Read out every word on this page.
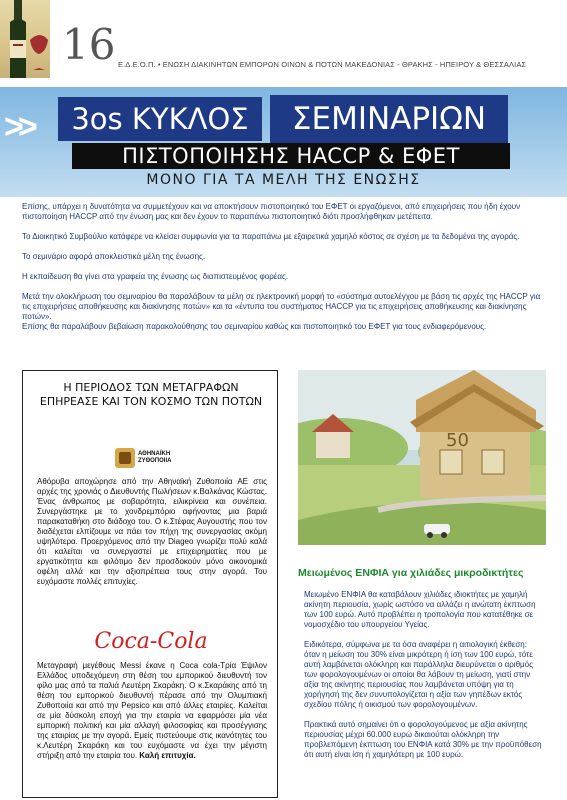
16 Ε.Δ.Ε.Ο.Π. • ΕΝΩΣΗ ΔΙΑΚΙΝΗΤΩΝ ΕΜΠΟΡΩΝ ΟΙΝΩΝ & ΠΟΤΩΝ ΜΑΚΕΔΟΝΙΑΣ - ΘΡΑΚΗΣ - ΗΠΕΙΡΟΥ & ΘΕΣΣΑΛΙΑΣ
>>	3οs ΚΥΚΛΟΣ	ΣΕΜΙΝΑΡΙΩΝ
ΠΙΣΤΟΠΟΙΗΣΗΣ HACCP & ΕΦΕΤ
ΜΟΝΟ ΓΙΑ ΤΑ ΜΕΛΗ ΤΗΣ ΕΝΩΣΗΣ

Επίσης, υπάρχει η δυνατότητα να συμμετέχουν και να αποκτήσουν πιστοποιητικό του ΕΦΕΤ οι εργαζόμενοι, από επιχειρήσεις που ήδη έχουν πιστοποίηση HACCP από την ένωση μας και δεν έχουν το παραπάνω πιστοποιητικό διότι προσλήφθηκαν μετέπειτα.

Το Διοικητικό Συμβούλιο κατάφερε να κλείσει συμφωνία για τα παραπάνω με εξαιρετικά χαμηλό κόστος σε σχέση με τα δεδομένα της αγοράς.

Το σεμινάριο αφορά αποκλειστικά μέλη της ένωσης.

Η εκπαίδευση θα γίνει στα γραφεία της ένωσης ως διαπιστευμένος φορέας.

Μετά την ολοκλήρωση του σεμιναρίου θα παραλάβουν τα μέλη σε ηλεκτρονική μορφή το «σύστημα αυτοελέγχου με βάση τις αρχές της HACCP για τις επιχειρήσεις αποθήκευσης και διακίνησης ποτών» και τα «έντυπα του συστήματος HACCP για τις επιχειρήσεις αποθήκευσης και διακίνησης ποτών».

Επίσης θα παραλάβουν βεβαίωση παρακολούθησης του σεμιναρίου καθώς και πιστοποιητικό του ΕΦΕΤ για τους ενδιαφερόμενους.

Η ΠΕΡΙΟΔΟΣ ΤΩΝ ΜΕΤΑΓΡΑΦΩΝ
ΕΠΗΡΕΑΣΕ ΚΑΙ ΤΟΝ ΚΟΣΜΟ ΤΩΝ ΠΟΤΩΝ
ΑΘΗΝΑΪΚΗ
ΖΥΘΟΠΟΙΙΑ
Αθόρυβα αποχώρησε από την Αθηναϊκή Ζυθοποιία ΑΕ στις αρχές της χρονιάς ο Διευθυντής Πωλήσεων κ.Βαλκάνας Κώστας. Ένας άνθρωπος με σοβαρότητα, ειλικρίνεια και συνέπεια. Συνεργάστηκε με το χονδρεμπόριο αφήνοντας μια βαριά παρακαταθήκη στο διάδοχο του. Ο κ.Στέφας Αυγουστής που τον διαδέχεται ελπίζουμε να πάει τον πήχη της συνεργασίας ακόμη υψηλότερα. Προερχόμενος από την Diageo γνωρίζει πολύ καλά ότι καλείται να συνεργαστεί με επιχειρηματίες που με εργατικότητα και φιλότιμο δεν προσδοκούν μόνο οικονομικά οφέλη αλλά και την αξιοπρέπεια τους στην αγορά. Του ευχόμαστε πολλές επιτυχίες.
Coca-Cola
Μεταγραφή μεγέθους Messi έκανε η Coca cola-Τρία Έψιλον Ελλάδος υποδεχόμενη στη θέση του εμπορικού διευθυντή τον φίλο μας από τα παλιά Λευτέρη Σκαράκη. Ο κ.Σκαράκης από τη θέση του εμπορικού διευθυντή πέρασε από την Ολυμπιακή Ζυθοποιία και από την Pepsico και από άλλες εταιρίες. Καλείται σε μία δύσκολη εποχή για την εταιρία να εφαρμόσει μία νέα εμπορική πολιτική και μία αλλαγή φιλοσοφίας και προσέγγισης της εταιρίας με την αγορά. Εμείς πιστεύουμε στις ικανότητες του κ.Λευτέρη Σκαράκη και του ευχόμαστε να έχει την μέγιστη στήριξη από την εταιρία του. Καλή επιτυχία.
50
Μειωμένος ΕΝΦΙΑ για χιλιάδες μικροδικτήτες

Μειωμένο ΕΝΦΙΑ θα καταβάλουν χιλιάδες ιδιοκτήτες με χαμηλή ακίνητη περιουσία, χωρίς ωστόσο να αλλάζει η ανώτατη έκπτωση των 100 ευρώ. Αυτό προβλέπει η τροπολογία που κατατέθηκε σε νομοσχέδιο του υπουργείου Υγείας.

Ειδικότερα, σύμφωνα με τα όσα αναφέρει η αιτιολογική έκθεση: όταν η μείωση του 30% είναι μικρότερη ή ίση των 100 ευρώ, τότε αυτή λαμβάνεται ολόκληρη και παράλληλα διευρύνεται ο αριθμός των φορολογουμένων οι οποίοι θα λάβουν τη μείωση, γιατί στην αξία της ακίνητης περιουσίας που λαμβάνεται υπόψη για τη χορήγησή της δεν συνυπολογίζεται η αξία των γηπέδων εκτός σχεδίου πόλης ή οικισμού των φορολογουμένων.

Πρακτικά αυτό σημαίνει ότι ο φορολογούμενος με αξία ακίνητης περιουσίας μέχρι 60.000 ευρώ δικαιούται ολόκληρη την προβλεπόμενη έκπτωση του ΕΝΦΙΑ κατά 30% με την προϋπόθεση ότι αυτή είναι ίση ή χαμηλότερη με 100 ευρώ.
